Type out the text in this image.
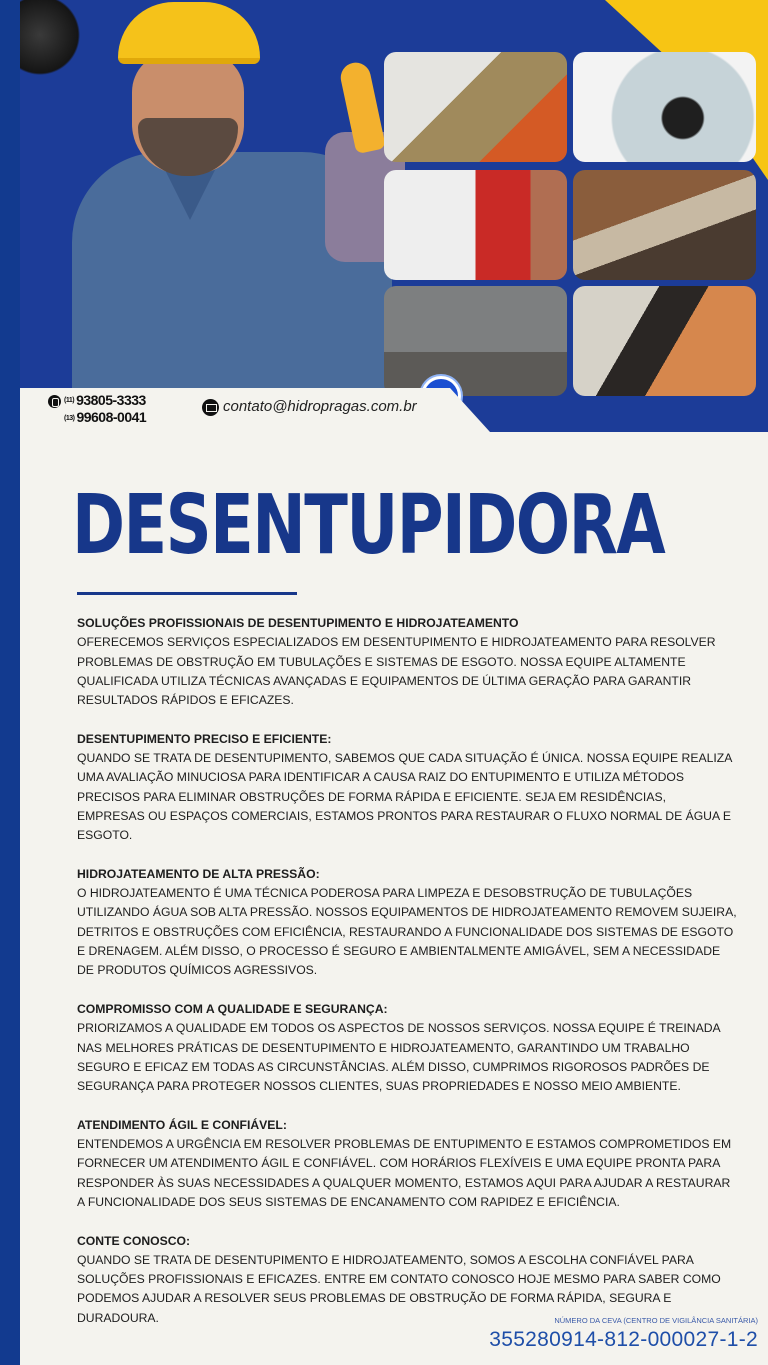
(11) 93805-3333
(13) 99608-0041
contato@hidropragas.com.br
DESENTUPIDORA
SOLUÇÕES PROFISSIONAIS DE DESENTUPIMENTO E HIDROJATEAMENTO

OFERECEMOS SERVIÇOS ESPECIALIZADOS EM DESENTUPIMENTO E HIDROJATEAMENTO PARA RESOLVER PROBLEMAS DE OBSTRUÇÃO EM TUBULAÇÕES E SISTEMAS DE ESGOTO. NOSSA EQUIPE ALTAMENTE QUALIFICADA UTILIZA TÉCNICAS AVANÇADAS E EQUIPAMENTOS DE ÚLTIMA GERAÇÃO PARA GARANTIR RESULTADOS RÁPIDOS E EFICAZES.

DESENTUPIMENTO PRECISO E EFICIENTE:

QUANDO SE TRATA DE DESENTUPIMENTO, SABEMOS QUE CADA SITUAÇÃO É ÚNICA. NOSSA EQUIPE REALIZA UMA AVALIAÇÃO MINUCIOSA PARA IDENTIFICAR A CAUSA RAIZ DO ENTUPIMENTO E UTILIZA MÉTODOS PRECISOS PARA ELIMINAR OBSTRUÇÕES DE FORMA RÁPIDA E EFICIENTE. SEJA EM RESIDÊNCIAS, EMPRESAS OU ESPAÇOS COMERCIAIS, ESTAMOS PRONTOS PARA RESTAURAR O FLUXO NORMAL DE ÁGUA E ESGOTO.

HIDROJATEAMENTO DE ALTA PRESSÃO:

O HIDROJATEAMENTO É UMA TÉCNICA PODEROSA PARA LIMPEZA E DESOBSTRUÇÃO DE TUBULAÇÕES UTILIZANDO ÁGUA SOB ALTA PRESSÃO. NOSSOS EQUIPAMENTOS DE HIDROJATEAMENTO REMOVEM SUJEIRA, DETRITOS E OBSTRUÇÕES COM EFICIÊNCIA, RESTAURANDO A FUNCIONALIDADE DOS SISTEMAS DE ESGOTO E DRENAGEM. ALÉM DISSO, O PROCESSO É SEGURO E AMBIENTALMENTE AMIGÁVEL, SEM A NECESSIDADE DE PRODUTOS QUÍMICOS AGRESSIVOS.

COMPROMISSO COM A QUALIDADE E SEGURANÇA:

PRIORIZAMOS A QUALIDADE EM TODOS OS ASPECTOS DE NOSSOS SERVIÇOS. NOSSA EQUIPE É TREINADA NAS MELHORES PRÁTICAS DE DESENTUPIMENTO E HIDROJATEAMENTO, GARANTINDO UM TRABALHO SEGURO E EFICAZ EM TODAS AS CIRCUNSTÂNCIAS. ALÉM DISSO, CUMPRIMOS RIGOROSOS PADRÕES DE SEGURANÇA PARA PROTEGER NOSSOS CLIENTES, SUAS PROPRIEDADES E NOSSO MEIO AMBIENTE.

ATENDIMENTO ÁGIL E CONFIÁVEL:

ENTENDEMOS A URGÊNCIA EM RESOLVER PROBLEMAS DE ENTUPIMENTO E ESTAMOS COMPROMETIDOS EM FORNECER UM ATENDIMENTO ÁGIL E CONFIÁVEL. COM HORÁRIOS FLEXÍVEIS E UMA EQUIPE PRONTA PARA RESPONDER ÀS SUAS NECESSIDADES A QUALQUER MOMENTO, ESTAMOS AQUI PARA AJUDAR A RESTAURAR A FUNCIONALIDADE DOS SEUS SISTEMAS DE ENCANAMENTO COM RAPIDEZ E EFICIÊNCIA.

CONTE CONOSCO:

QUANDO SE TRATA DE DESENTUPIMENTO E HIDROJATEAMENTO, SOMOS A ESCOLHA CONFIÁVEL PARA SOLUÇÕES PROFISSIONAIS E EFICAZES. ENTRE EM CONTATO CONOSCO HOJE MESMO PARA SABER COMO PODEMOS AJUDAR A RESOLVER SEUS PROBLEMAS DE OBSTRUÇÃO DE FORMA RÁPIDA, SEGURA E DURADOURA.	NÚMERO DA CEVA (CENTRO DE VIGILÂNCIA SANITÁRIA)
355280914-812-000027-1-2
